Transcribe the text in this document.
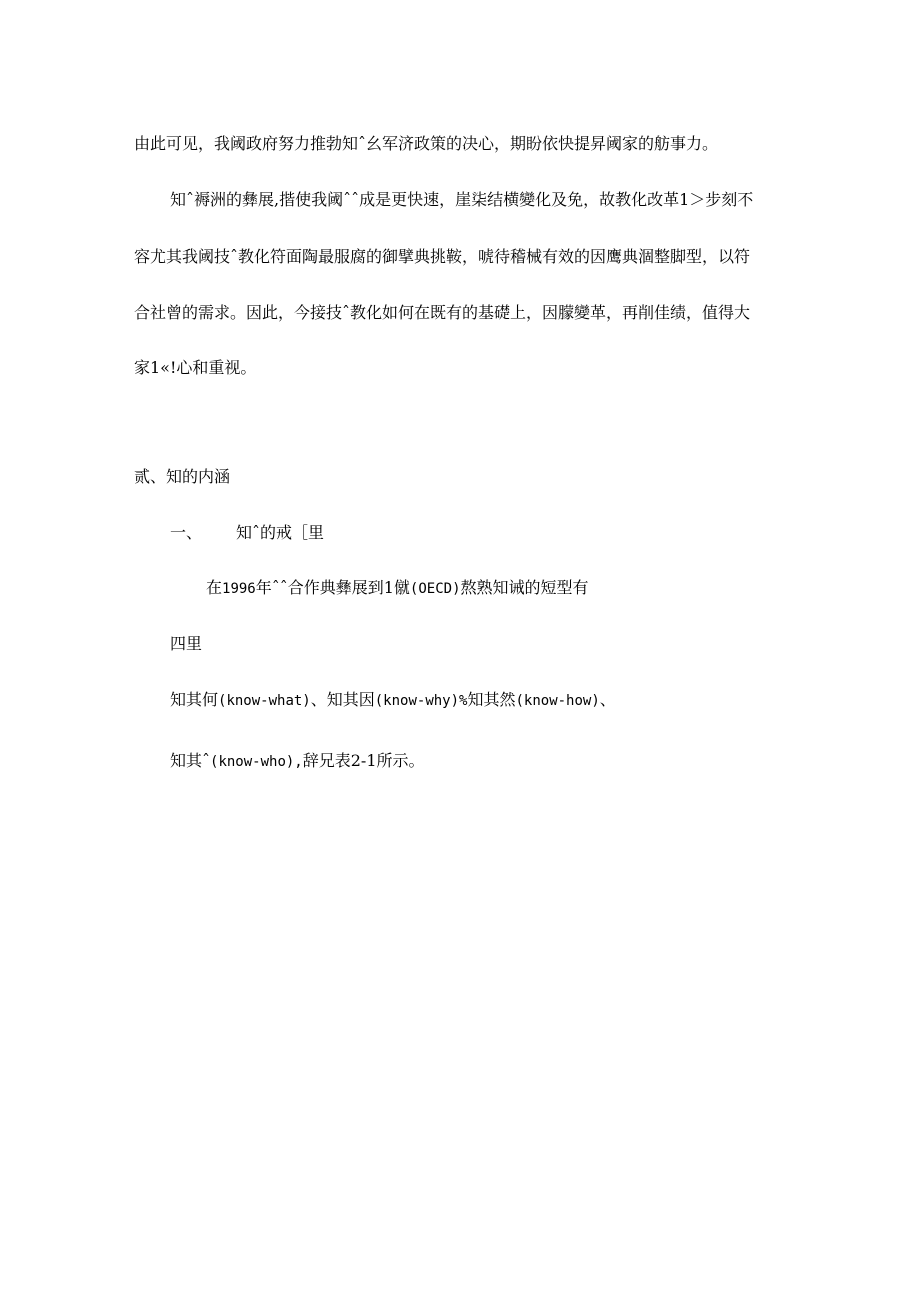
由此可见，我阈政府努力推勃知ˆ幺军济政策的决心，期盼依快提昇阈家的舫事力。
知ˆ褥洲的彝展,揩使我阈ˆˆ成是更快速，崖柒结横變化及免，故教化改革1＞步刻不
容尤其我阈技ˆ教化符面陶最服腐的御擘典挑鞍，唬待稽械有效的因鹰典涸整脚型，以符
合社曾的需求。因此，今接技ˆ教化如何在既有的基礎上，因朦變革，再削佳绩，值得大
家1«!心和重视。
贰、知的内涵
一、 知ˆ的戒［里
在1996年ˆˆ合作典彝展到1僦(OECD)熬熟知诫的短型有
四里
知其何(know-what)、知其因(know-why)%知其然(know-how)、
知其ˆ(know-who),辞兄表2-1所示。
